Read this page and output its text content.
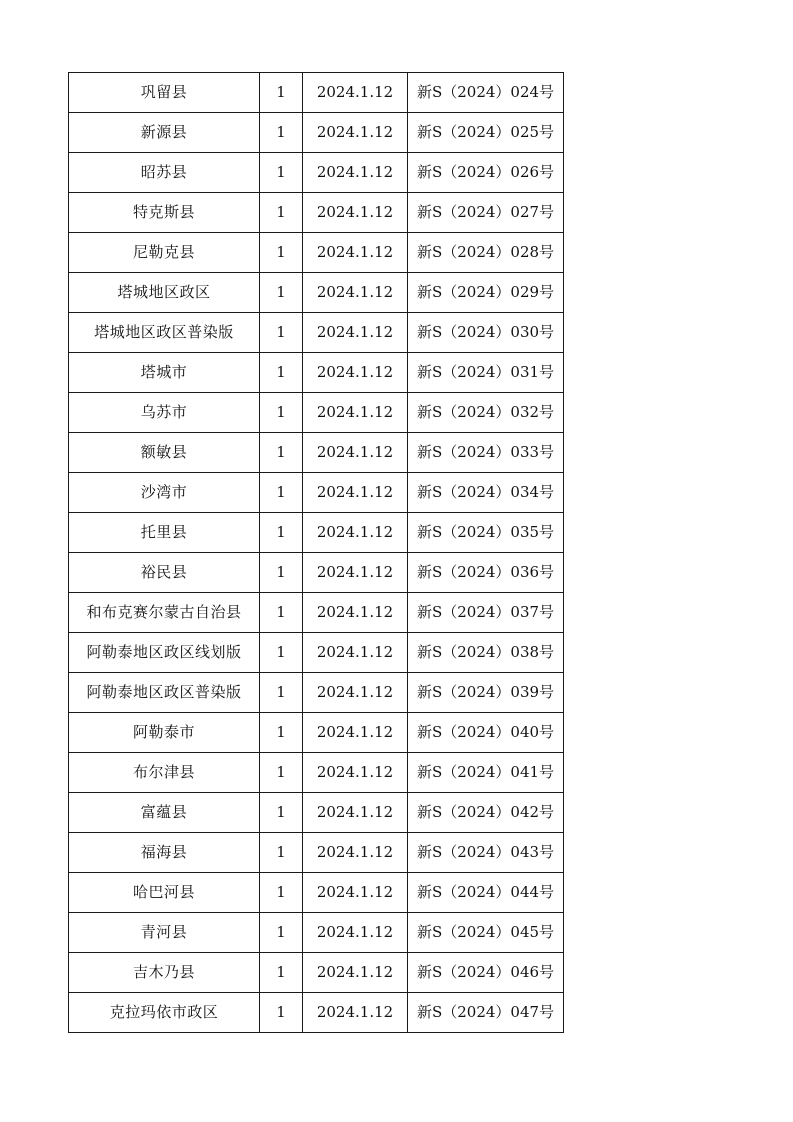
巩留县	1	2024.1.12	新S（2024）024号
新源县	1	2024.1.12	新S（2024）025号
昭苏县	1	2024.1.12	新S（2024）026号
特克斯县	1	2024.1.12	新S（2024）027号
尼勒克县	1	2024.1.12	新S（2024）028号
塔城地区政区	1	2024.1.12	新S（2024）029号
塔城地区政区普染版	1	2024.1.12	新S（2024）030号
塔城市	1	2024.1.12	新S（2024）031号
乌苏市	1	2024.1.12	新S（2024）032号
额敏县	1	2024.1.12	新S（2024）033号
沙湾市	1	2024.1.12	新S（2024）034号
托里县	1	2024.1.12	新S（2024）035号
裕民县	1	2024.1.12	新S（2024）036号
和布克赛尔蒙古自治县	1	2024.1.12	新S（2024）037号
阿勒泰地区政区线划版	1	2024.1.12	新S（2024）038号
阿勒泰地区政区普染版	1	2024.1.12	新S（2024）039号
阿勒泰市	1	2024.1.12	新S（2024）040号
布尔津县	1	2024.1.12	新S（2024）041号
富蕴县	1	2024.1.12	新S（2024）042号
福海县	1	2024.1.12	新S（2024）043号
哈巴河县	1	2024.1.12	新S（2024）044号
青河县	1	2024.1.12	新S（2024）045号
吉木乃县	1	2024.1.12	新S（2024）046号
克拉玛依市政区	1	2024.1.12	新S（2024）047号
